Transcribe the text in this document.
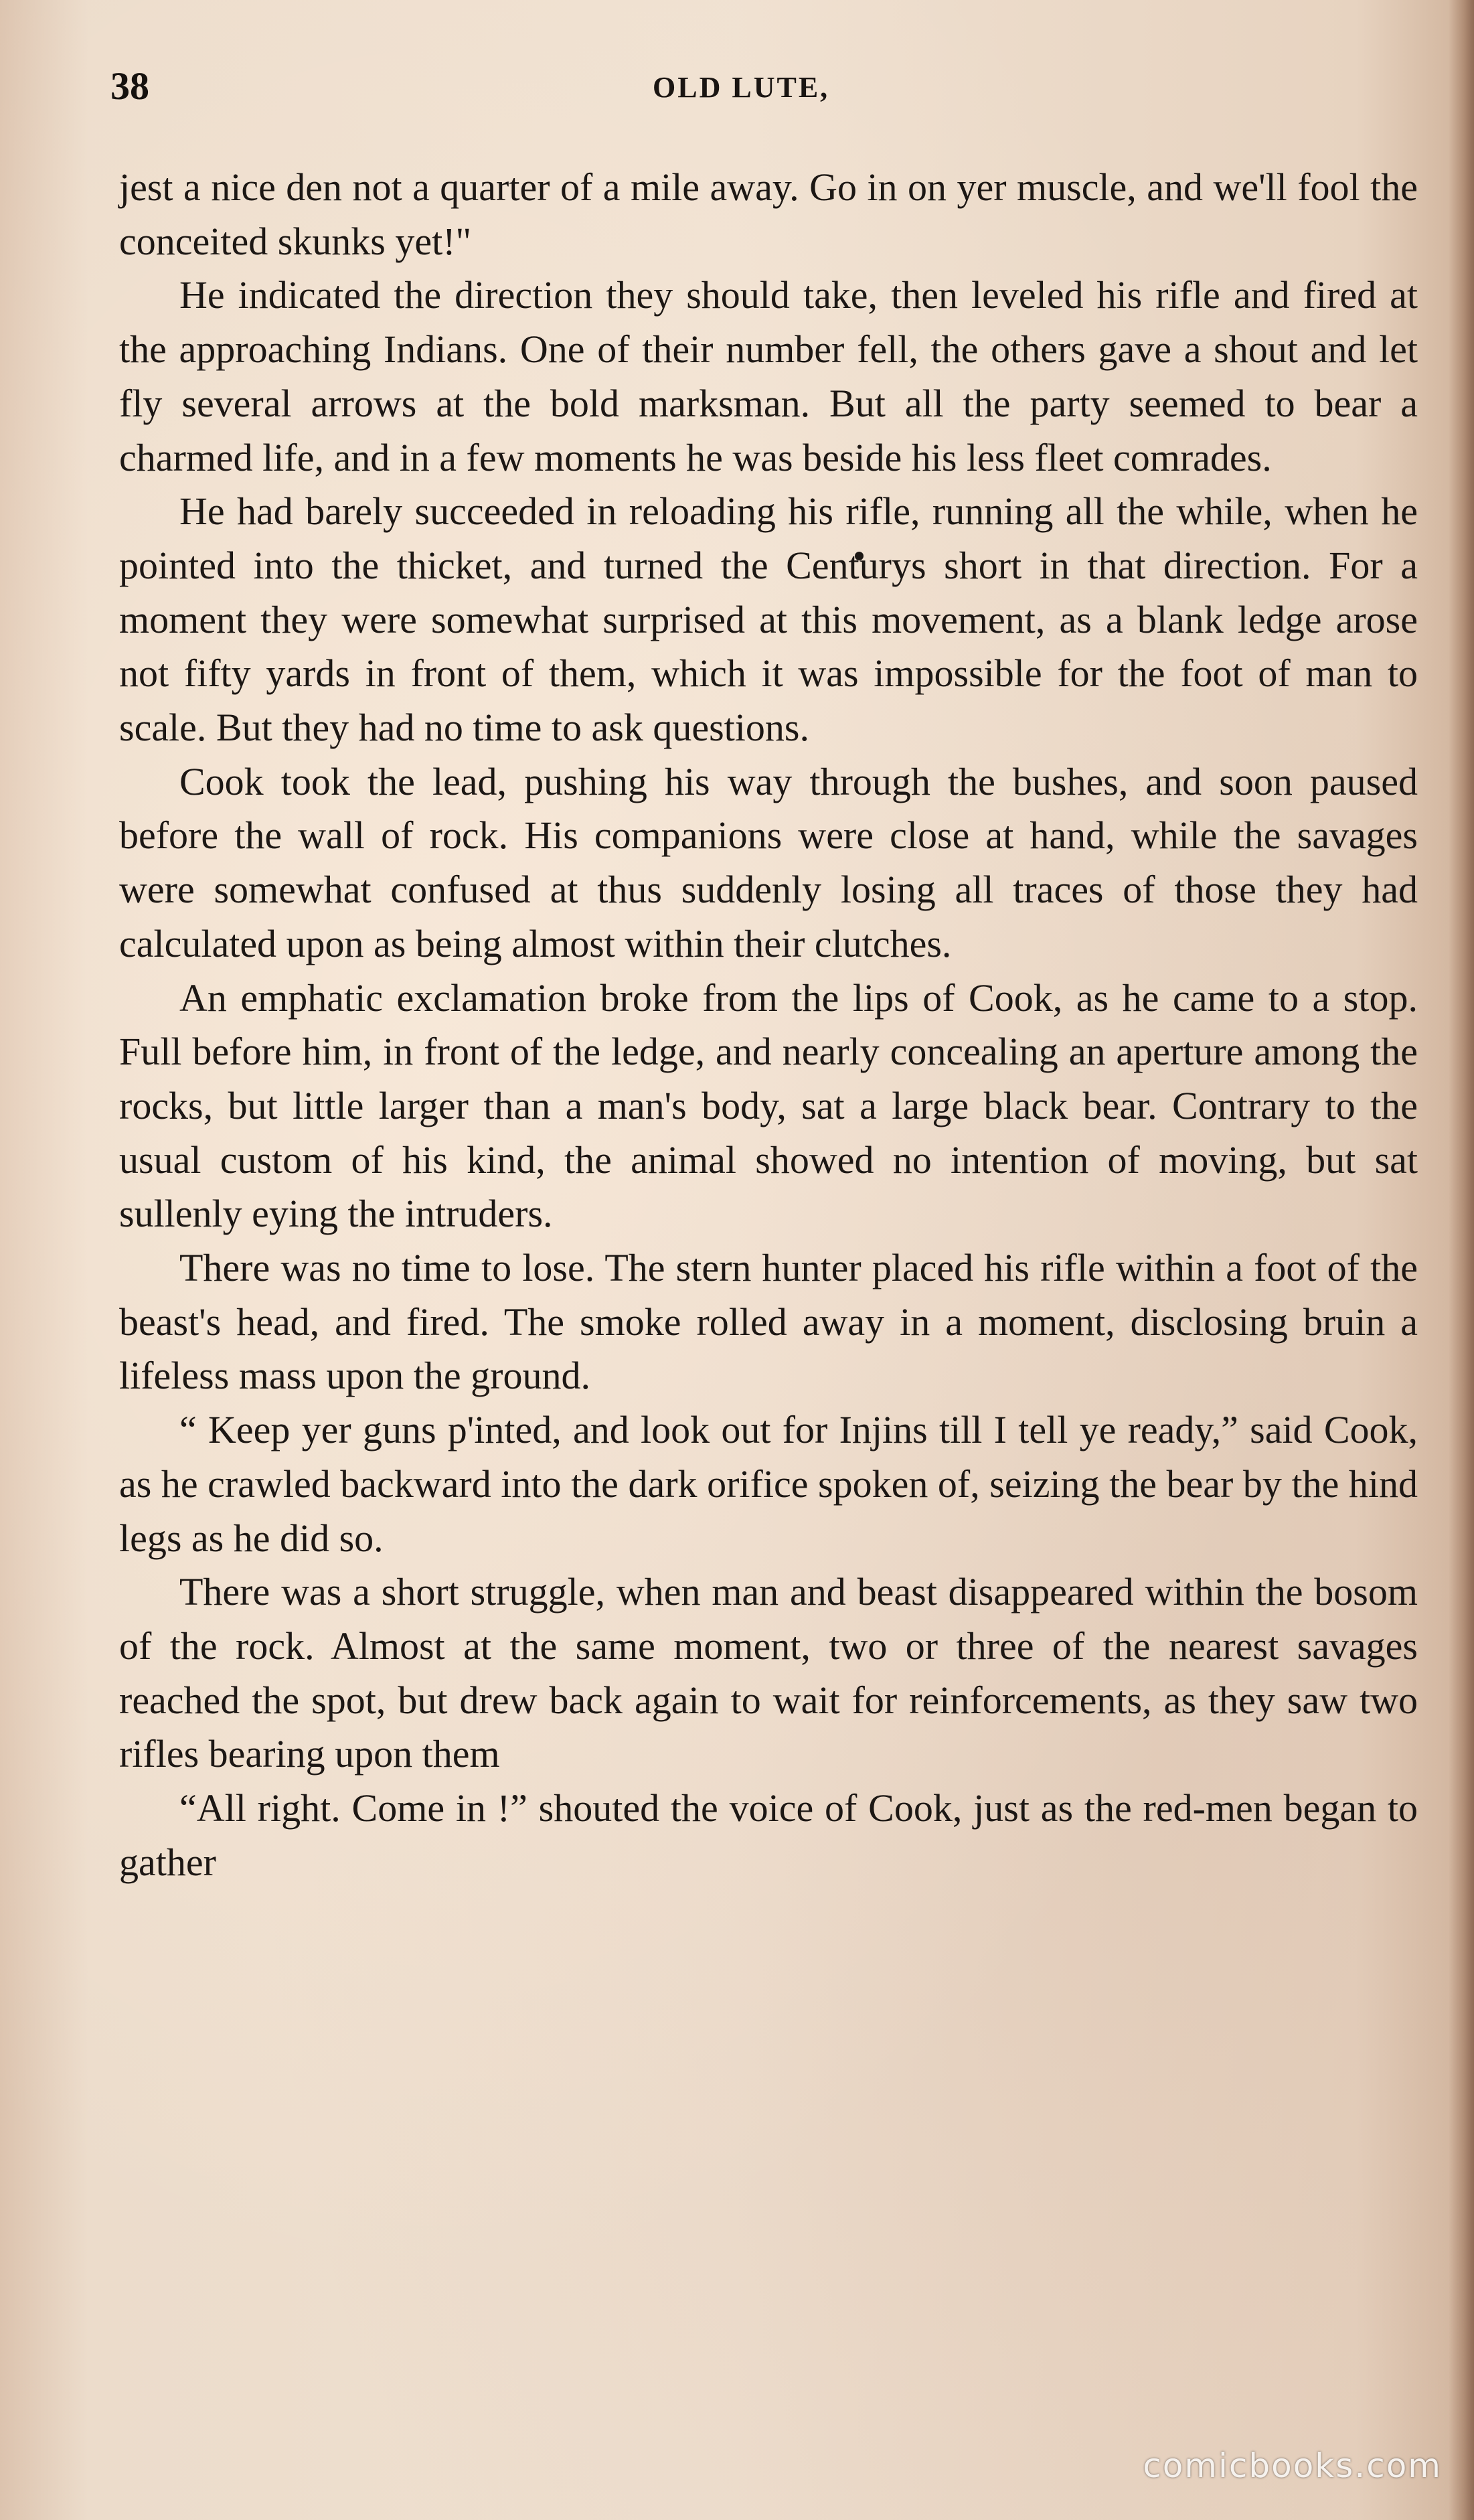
38	OLD LUTE,

jest a nice den not a quarter of a mile away. Go in on yer muscle, and we'll fool the conceited skunks yet!"

He indicated the direction they should take, then leveled his rifle and fired at the approaching Indians. One of their number fell, the others gave a shout and let fly several arrows at the bold marksman. But all the party seemed to bear a charmed life, and in a few moments he was beside his less fleet comrades.

He had barely succeeded in reloading his rifle, running all the while, when he pointed into the thicket, and turned the Centurys short in that direction. For a moment they were somewhat surprised at this movement, as a blank ledge arose not fifty yards in front of them, which it was impossible for the foot of man to scale. But they had no time to ask questions.

Cook took the lead, pushing his way through the bushes, and soon paused before the wall of rock. His companions were close at hand, while the savages were somewhat confused at thus suddenly losing all traces of those they had calculated upon as being almost within their clutches.

An emphatic exclamation broke from the lips of Cook, as he came to a stop. Full before him, in front of the ledge, and nearly concealing an aperture among the rocks, but little larger than a man's body, sat a large black bear. Contrary to the usual custom of his kind, the animal showed no intention of moving, but sat sullenly eying the intruders.

There was no time to lose. The stern hunter placed his rifle within a foot of the beast's head, and fired. The smoke rolled away in a moment, disclosing bruin a lifeless mass upon the ground.

“ Keep yer guns p'inted, and look out for Injins till I tell ye ready,” said Cook, as he crawled backward into the dark orifice spoken of, seizing the bear by the hind legs as he did so.

There was a short struggle, when man and beast disappeared within the bosom of the rock. Almost at the same moment, two or three of the nearest savages reached the spot, but drew back again to wait for reinforcements, as they saw two rifles bearing upon them

“All right. Come in !” shouted the voice of Cook, just as the red-men began to gather

comicbooks.com
